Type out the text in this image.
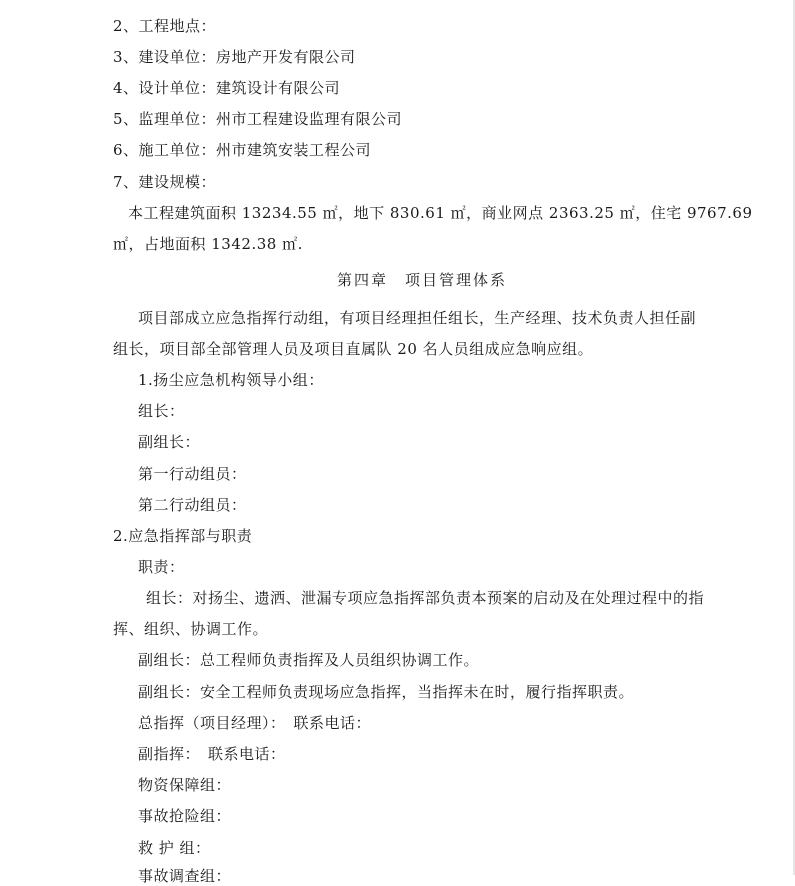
2、工程地点：
3、建设单位：房地产开发有限公司
4、设计单位：建筑设计有限公司
5、监理单位：州市工程建设监理有限公司
6、施工单位：州市建筑安装工程公司
7、建设规模：
本工程建筑面积 13234.55 ㎡，地下 830.61 ㎡，商业网点 2363.25 ㎡，住宅 9767.69
㎡，占地面积 1342.38 ㎡.
第四章　项目管理体系
项目部成立应急指挥行动组，有项目经理担任组长，生产经理、技术负责人担任副
组长，项目部全部管理人员及项目直属队 20 名人员组成应急响应组。
1.扬尘应急机构领导小组：
组长：
副组长：
第一行动组员：
第二行动组员：
2.应急指挥部与职责
职责：
组长：对扬尘、遗洒、泄漏专项应急指挥部负责本预案的启动及在处理过程中的指
挥、组织、协调工作。
副组长：总工程师负责指挥及人员组织协调工作。
副组长：安全工程师负责现场应急指挥，当指挥未在时，履行指挥职责。
总指挥（项目经理）：　联系电话：
副指挥：　联系电话：
物资保障组：
事故抢险组：
救 护 组：
事故调查组：
